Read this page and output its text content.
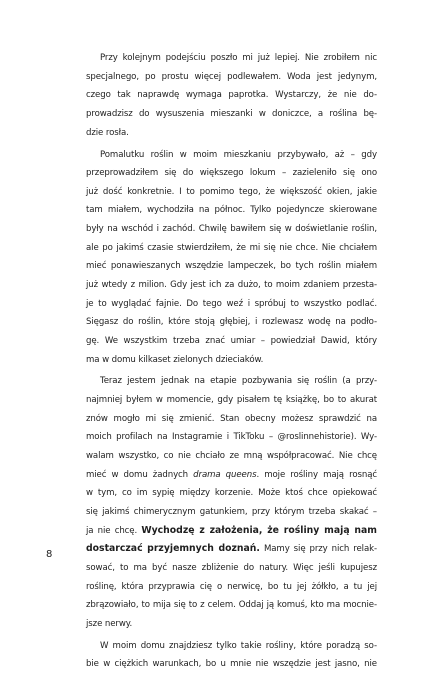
Przy kolejnym podejściu poszło mi już lepiej. Nie zrobiłem nic
specjalnego, po prostu więcej podlewałem. Woda jest jedynym,
czego tak naprawdę wymaga paprotka. Wystarczy, że nie do-
prowadzisz do wysuszenia mieszanki w doniczce, a roślina bę-
dzie rosła.
Pomalutku roślin w moim mieszkaniu przybywało, aż – gdy
przeprowadziłem się do większego lokum – zazieleniło się ono
już dość konkretnie. I to pomimo tego, że większość okien, jakie
tam miałem, wychodziła na północ. Tylko pojedyncze skierowane
były na wschód i zachód. Chwilę bawiłem się w doświetlanie roślin,
ale po jakimś czasie stwierdziłem, że mi się nie chce. Nie chciałem
mieć ponawieszanych wszędzie lampeczek, bo tych roślin miałem
już wtedy z milion. Gdy jest ich za dużo, to moim zdaniem przesta-
je to wyglądać fajnie. Do tego weź i spróbuj to wszystko podlać.
Sięgasz do roślin, które stoją głębiej, i rozlewasz wodę na podło-
gę. We wszystkim trzeba znać umiar – powiedział Dawid, który
ma w domu kilkaset zielonych dzieciaków.
Teraz jestem jednak na etapie pozbywania się roślin (a przy-
najmniej byłem w momencie, gdy pisałem tę książkę, bo to akurat
znów mogło mi się zmienić. Stan obecny możesz sprawdzić na
moich profilach na Instagramie i TikToku – @roslinnehistorie). Wy-
walam wszystko, co nie chciało ze mną współpracować. Nie chcę
mieć w domu żadnych drama queens. moje rośliny mają rosnąć
w tym, co im sypię między korzenie. Może ktoś chce opiekować
się jakimś chimerycznym gatunkiem, przy którym trzeba skakać –
ja nie chcę. Wychodzę z założenia, że rośliny mają nam
dostarczać przyjemnych doznań. Mamy się przy nich relak-
sować, to ma być nasze zbliżenie do natury. Więc jeśli kupujesz
roślinę, która przyprawia cię o nerwicę, bo tu jej żółkło, a tu jej
zbrązowiało, to mija się to z celem. Oddaj ją komuś, kto ma mocnie-
jsze nerwy.
W moim domu znajdziesz tylko takie rośliny, które poradzą so-
bie w ciężkich warunkach, bo u mnie nie wszędzie jest jasno, nie
8
